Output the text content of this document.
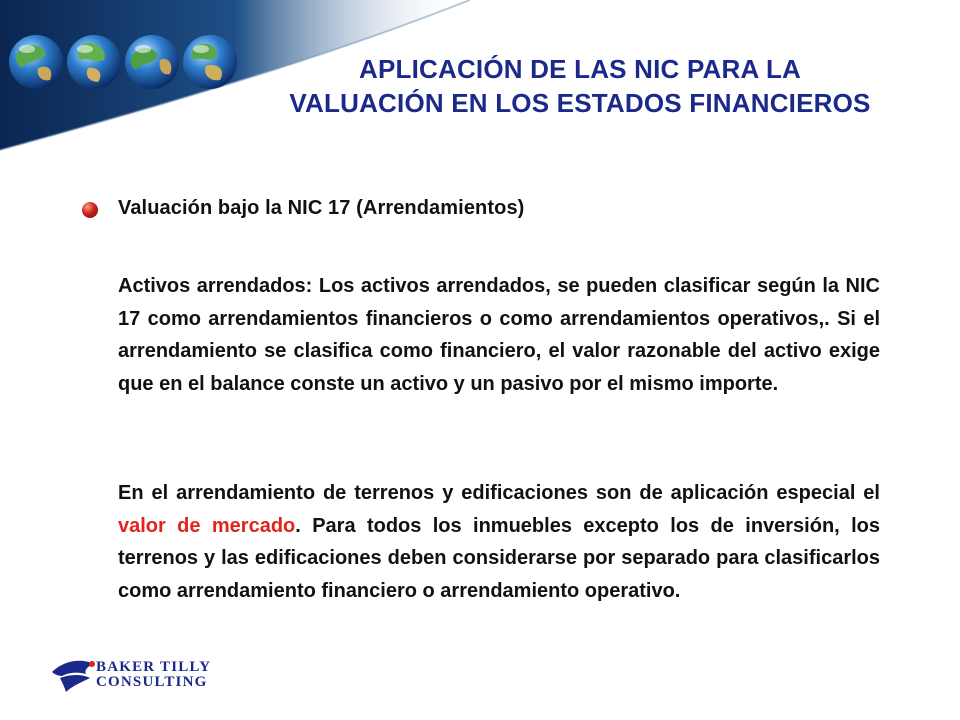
APLICACIÓN DE LAS NIC PARA LA
VALUACIÓN EN LOS ESTADOS FINANCIEROS
Valuación bajo la NIC 17 (Arrendamientos)
Activos arrendados: Los activos arrendados, se pueden clasificar según la NIC 17 como arrendamientos financieros o como arrendamientos operativos,. Si el arrendamiento se clasifica como financiero, el valor razonable del activo exige que en el balance conste un activo y un pasivo por el mismo importe.
En el arrendamiento de terrenos y edificaciones son de aplicación especial el valor de mercado. Para todos los inmuebles excepto los de inversión, los terrenos y las edificaciones deben considerarse por separado para clasificarlos como arrendamiento financiero o arrendamiento operativo.
BAKER TILLY
CONSULTING
